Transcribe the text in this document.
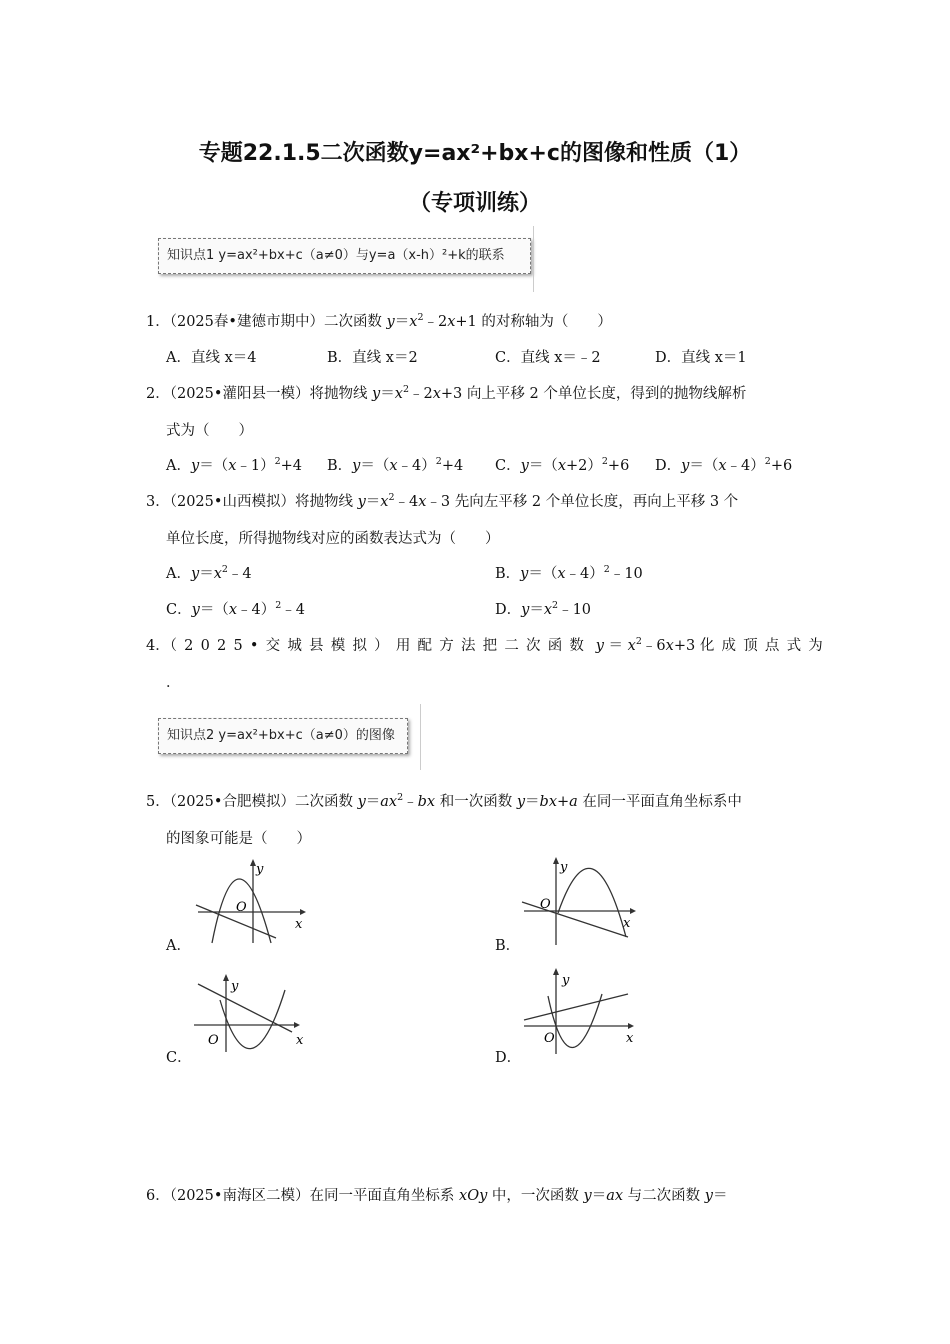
专题22.1.5二次函数y=ax²+bx+c的图像和性质（1）
（专项训练）
知识点1 y=ax²+bx+c（a≠0）与y=a（x-h）²+k的联系
1．（2025春•建德市期中）二次函数 $y=x^2﹣2x+1$ 的对称轴为（　　）
A．直线 x＝4	B．直线 x＝2	C．直线 x＝﹣2	D．直线 x＝1
2．（2025•灌阳县一模）将抛物线 $y=x^2﹣2x+3$ 向上平移 2 个单位长度，得到的抛物线解析
式为（　　）
A．y＝（x﹣1）$^2$+4 B．y＝（x﹣4）$^2$+4 C．$y=(x+2)^2+6$ D．y＝（x﹣4）$^2$+6
3．（2025•山西模拟）将抛物线 $y=x^2﹣4x﹣3$ 先向左平移 2 个单位长度，再向上平移 3 个
单位长度，所得抛物线对应的函数表达式为（　　）
A．$y=x^2﹣4$	B．y＝（x﹣4）$^2$﹣10
C．y＝（x﹣4）$^2$﹣4	D．$y=x^2﹣10$
4．（2025•交城县模拟）用配方法把二次函数 $y = x^2﹣6x+3$ 化成顶点式为
．
知识点2 y=ax²+bx+c（a≠0）的图像
5．（2025•合肥模拟）二次函数 $y=ax^2﹣bx$ 和一次函数 y＝bx+a 在同一平面直角坐标系中
的图象可能是（　　）
A．	B．
C．	D．
y
O
x
y
O
x
y
O	x
y
O	x
6．（2025•南海区二模）在同一平面直角坐标系 xOy 中，一次函数 y＝ax 与二次函数 y＝
